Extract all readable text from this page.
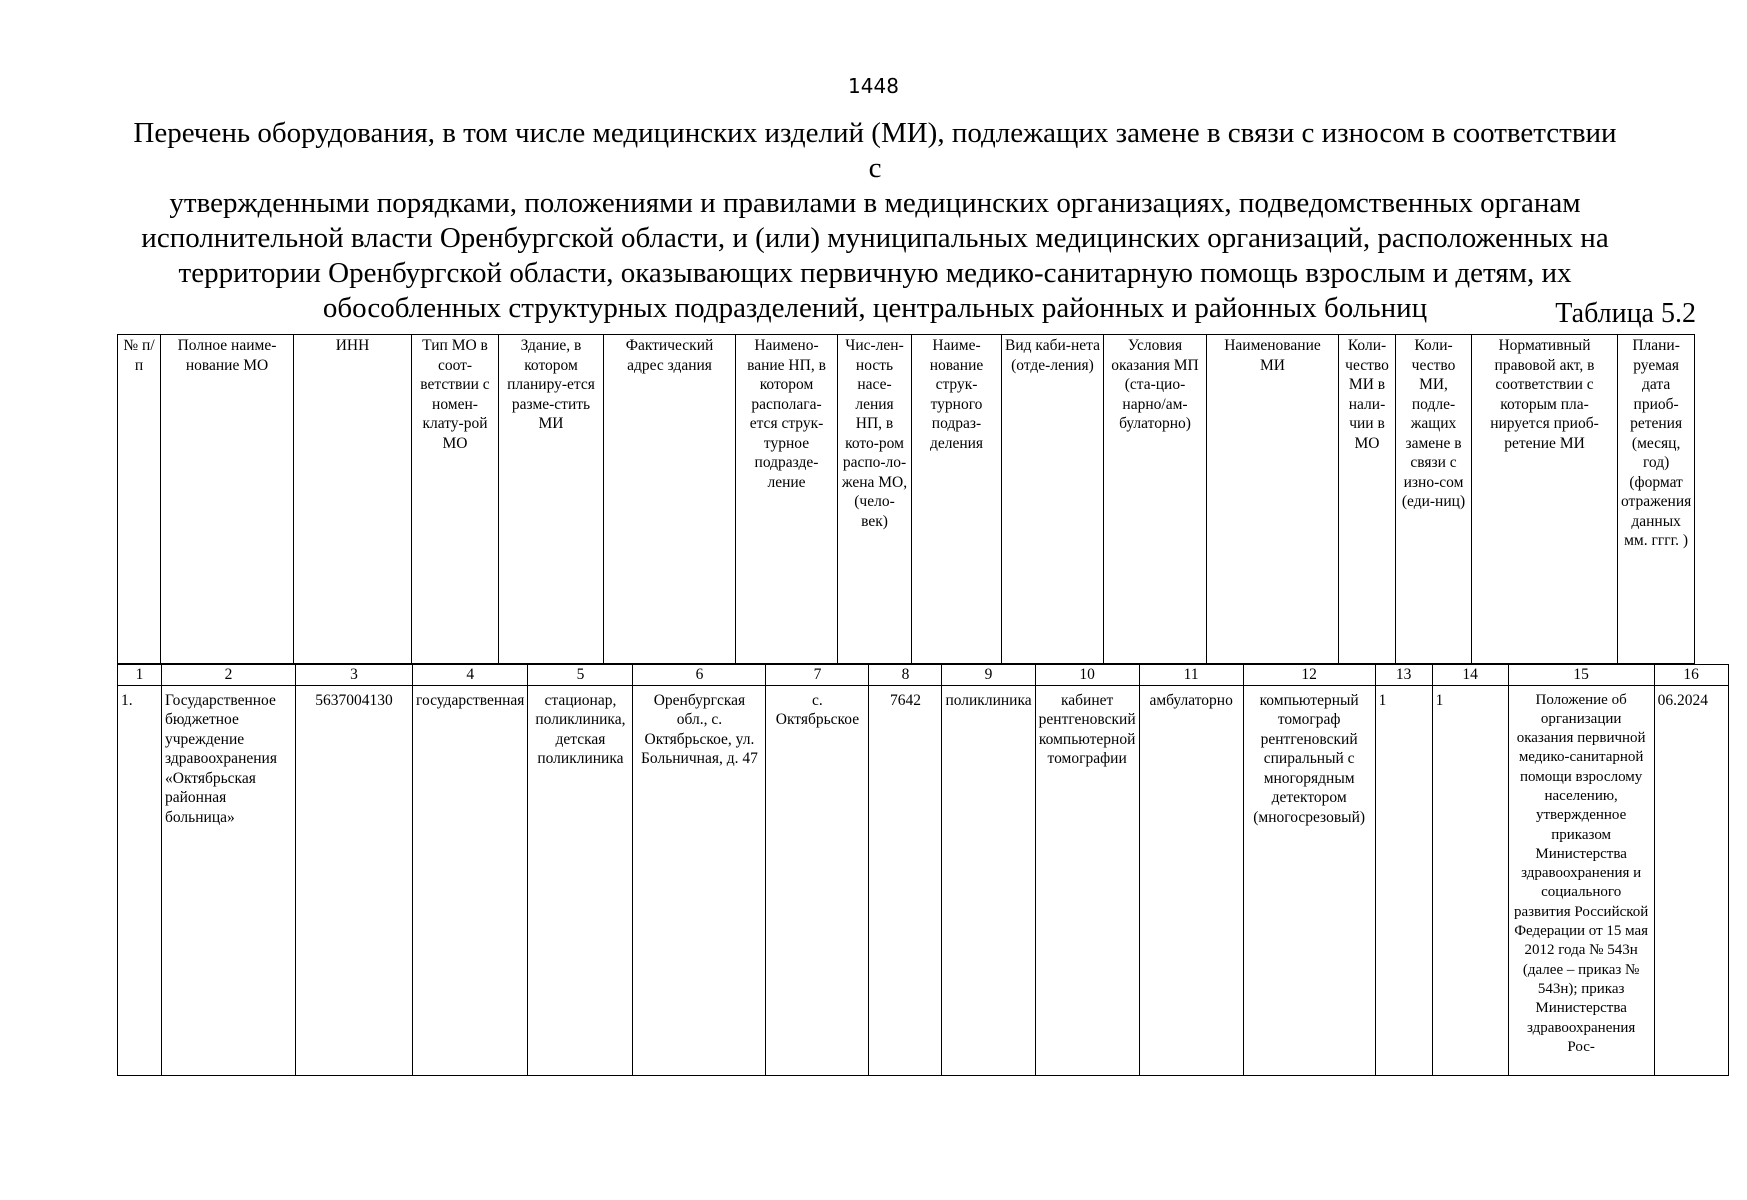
1448
Перечень оборудования, в том числе медицинских изделий (МИ), подлежащих замене в связи с износом в соответствии с
утвержденными порядками, положениями и правилами в медицинских организациях, подведомственных органам
исполнительной власти Оренбургской области, и (или) муниципальных медицинских организаций, расположенных на
территории Оренбургской области, оказывающих первичную медико-санитарную помощь взрослым и детям, их
обособленных структурных подразделений, центральных районных и районных больниц	Таблица 5.2
№ п/п	Полное наиме-нование МО	ИНН	Тип МО в соот-ветствии с номен-клату-рой МО	Здание, в котором планиру-ется разме-стить МИ	Фактический адрес здания	Наимено-вание НП, в котором располага-ется струк-турное подразде-ление	Чис-лен-ность насе-ления НП, в кото-ром распо-ло-жена МО, (чело-век)	Наиме-нование струк-турного подраз-деления	Вид каби-нета (отде-ления)	Условия оказания МП (ста-цио-нарно/ам-булаторно)	Наименование МИ	Коли-чество МИ в нали-чии в МО	Коли-чество МИ, подле-жащих замене в связи с изно-сом (еди-ниц)	Нормативный правовой акт, в соответствии с которым пла-нируется приоб-ретение МИ	Плани-руемая дата приоб-ретения (месяц, год) (формат отражения данных мм. гггг. )
1	2	3	4	5	6	7	8	9	10	11	12	13	14	15	16
1.	Государственное бюджетное учреждение здравоохранения «Октябрьская районная больница»	5637004130	государственная	стационар, поликлиника, детская поликлиника	Оренбургская обл., с. Октябрьское, ул. Больничная, д. 47	с. Октябрьское	7642	поликлиника	кабинет рентгеновский компьютерной томографии	амбулаторно	компьютерный томограф рентгеновский спиральный с многорядным детектором (многосрезовый)	1	1	Положение об организации оказания первичной медико-санитарной помощи взрослому населению, утвержденное приказом Министерства здравоохранения и социального развития Российской Федерации от 15 мая 2012 года № 543н (далее – приказ № 543н); приказ Министерства здравоохранения Рос-	06.2024
